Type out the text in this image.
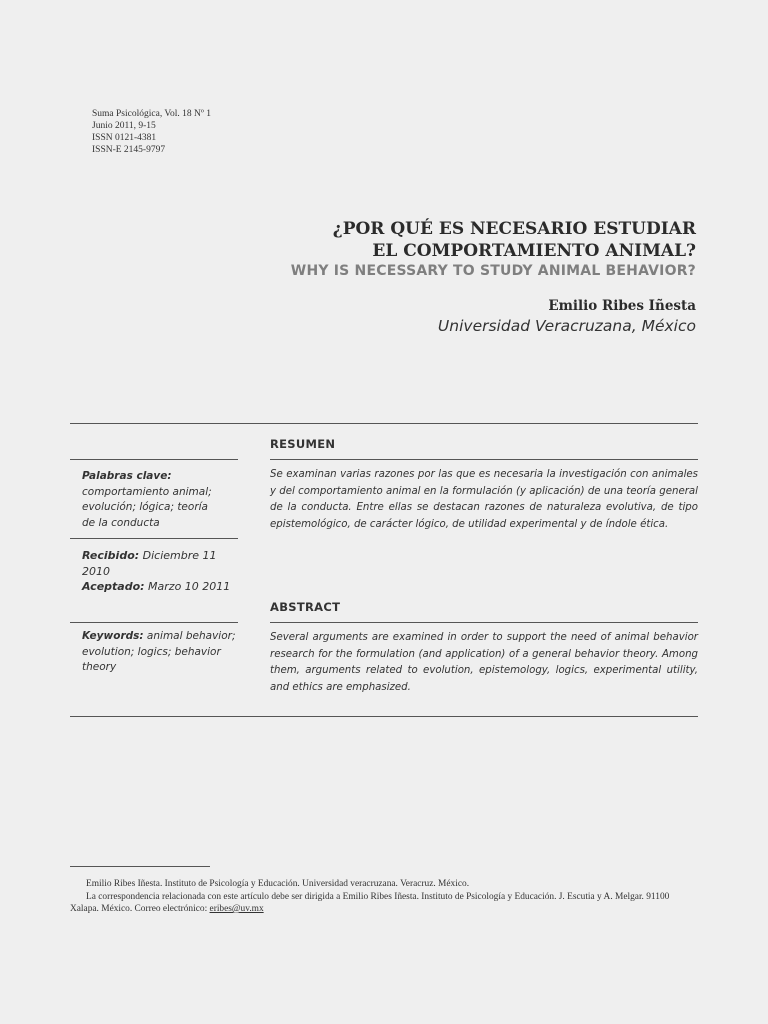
Suma Psicológica, Vol. 18 Nº 1
Junio 2011, 9-15
ISSN 0121-4381
ISSN-E 2145-9797
¿POR QUÉ ES NECESARIO ESTUDIAR
EL COMPORTAMIENTO ANIMAL?
WHY IS NECESSARY TO STUDY ANIMAL BEHAVIOR?
Emilio Ribes Iñesta
Universidad Veracruzana, México
RESUMEN
Palabras clave:
comportamiento animal;
evolución; lógica; teoría
de la conducta
Se examinan varias razones por las que es necesaria la investigación con animales y del comportamiento animal en la formulación (y aplicación) de una teoría general de la conducta. Entre ellas se destacan razones de naturaleza evolutiva, de tipo epistemológico, de carácter lógico, de utilidad experimental y de índole ética.
Recibido: Diciembre 11 2010
Aceptado: Marzo 10 2011
ABSTRACT
Keywords: animal behavior; evolution; logics; behavior theory
Several arguments are examined in order to support the need of animal behavior research for the formulation (and application) of a general behavior theory. Among them, arguments related to evolution, epistemology, logics, experimental utility, and ethics are emphasized.

Emilio Ribes Iñesta. Instituto de Psicología y Educación. Universidad veracruzana. Veracruz. México.

La correspondencia relacionada con este artículo debe ser dirigida a Emilio Ribes Iñesta. Instituto de Psicología y Educación. J. Escutia y A. Melgar. 91100 Xalapa. México. Correo electrónico: eribes@uv.mx
